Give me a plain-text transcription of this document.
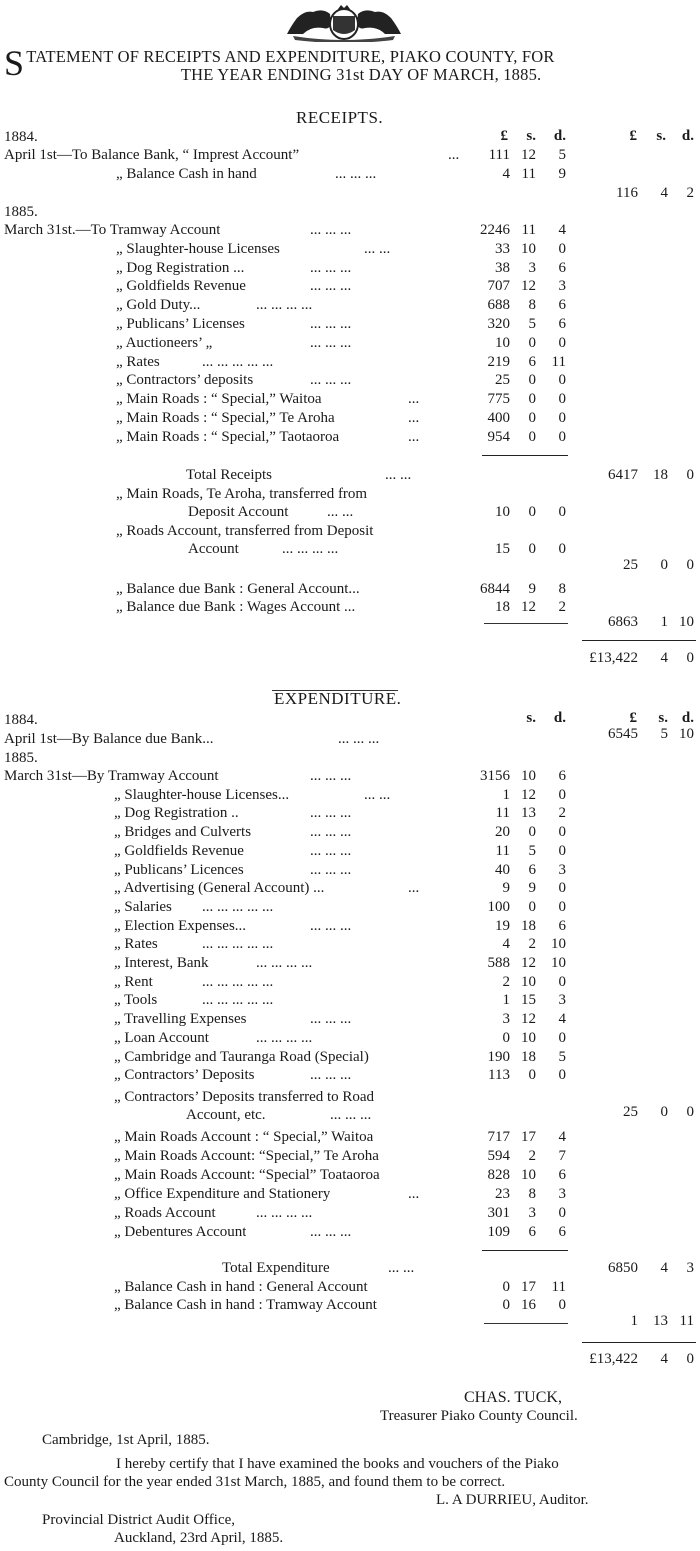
S TATEMENT OF RECEIPTS AND EXPENDITURE, PIAKO COUNTY, FOR
THE YEAR ENDING 31st DAY OF MARCH, 1885.
RECEIPTS.
£	s.	d.	£	s.	d.
1884.
April 1st—To Balance Bank, “ Imprest Account”	...	111 12	5
„ Balance Cash in hand	... ... ...	4 11	9
116	4	2
1885.
March 31st.—To Tramway Account	... ... ...	2246 11	4
„ Slaughter-house Licenses	... ...	33 10	0
„ Dog Registration ...	... ... ...	38	3	6
„ Goldfields Revenue	... ... ...	707 12	3
„ Gold Duty...	... ... ... ...	688	8	6
„ Publicans’ Licenses	... ... ...	320	5	6
„ Auctioneers’ „	... ... ...	10	0	0
„ Rates	... ... ... ... ...	219	6 11
„ Contractors’ deposits	... ... ...	25	0	0
„ Main Roads : “ Special,” Waitoa	...	775	0	0
„ Main Roads : “ Special,” Te Aroha	...	400	0	0
„ Main Roads : “ Special,” Taotaoroa	...	954	0	0
Total Receipts	... ...	6417	18	0
„ Main Roads, Te Aroha, transferred from
Deposit Account	... ...	10	0	0
„ Roads Account, transferred from Deposit
Account	... ... ... ...	15	0	0
25	0	0
„ Balance due Bank : General Account...	6844	9	8
„ Balance due Bank : Wages Account ...	18 12	2
6863	1 10
£13,422	4	0
EXPENDITURE.
s.	d.	£	s. d.
1884.
April 1st—By Balance due Bank...	... ... ...	6545	5 10
1885.
March 31st—By Tramway Account	... ... ...	3156 10	6
„ Slaughter-house Licenses...	... ...	1 12	0
„ Dog Registration ..	... ... ...	11 13	2
„ Bridges and Culverts	... ... ...	20	0	0
„ Goldfields Revenue	... ... ...	11	5	0
„ Publicans’ Licences	... ... ...	40	6	3
„ Advertising (General Account) ...	...	9	9	0
„ Salaries ... ... ... ... ...	100	0	0
„ Election Expenses...	... ... ...	19 18	6
„ Rates	... ... ... ... ...	4	2 10
„ Interest, Bank	... ... ... ...	588 12 10
„ Rent	... ... ... ... ...	2 10	0
„ Tools	... ... ... ... ...	1 15	3
„ Travelling Expenses	... ... ...	3 12	4
„ Loan Account	... ... ... ...	0 10	0
„ Cambridge and Tauranga Road (Special)	190 18	5
„ Contractors’ Deposits	... ... ...	113	0	0
„ Contractors’ Deposits transferred to Road
Account, etc.	... ... ...	25	0	0
„ Main Roads Account : “ Special,” Waitoa	717 17	4
„ Main Roads Account: “Special,” Te Aroha	594	2	7
„ Main Roads Account: “Special” Toataoroa	828 10	6
„ Office Expenditure and Stationery	...	23	8	3
„ Roads Account	... ... ... ...	301	3	0
„ Debentures Account	... ... ...	109	6	6
Total Expenditure	... ...	6850	4	3
„ Balance Cash in hand : General Account	0 17 11
„ Balance Cash in hand : Tramway Account	0 16	0
1 13 11
£13,422	4	0
CHAS. TUCK,
Treasurer Piako County Council.
Cambridge, 1st April, 1885.
I hereby certify that I have examined the books and vouchers of the Piako
County Council for the year ended 31st March, 1885, and found them to be correct.
L. A DURRIEU, Auditor.
Provincial District Audit Office,
Auckland, 23rd April, 1885.
